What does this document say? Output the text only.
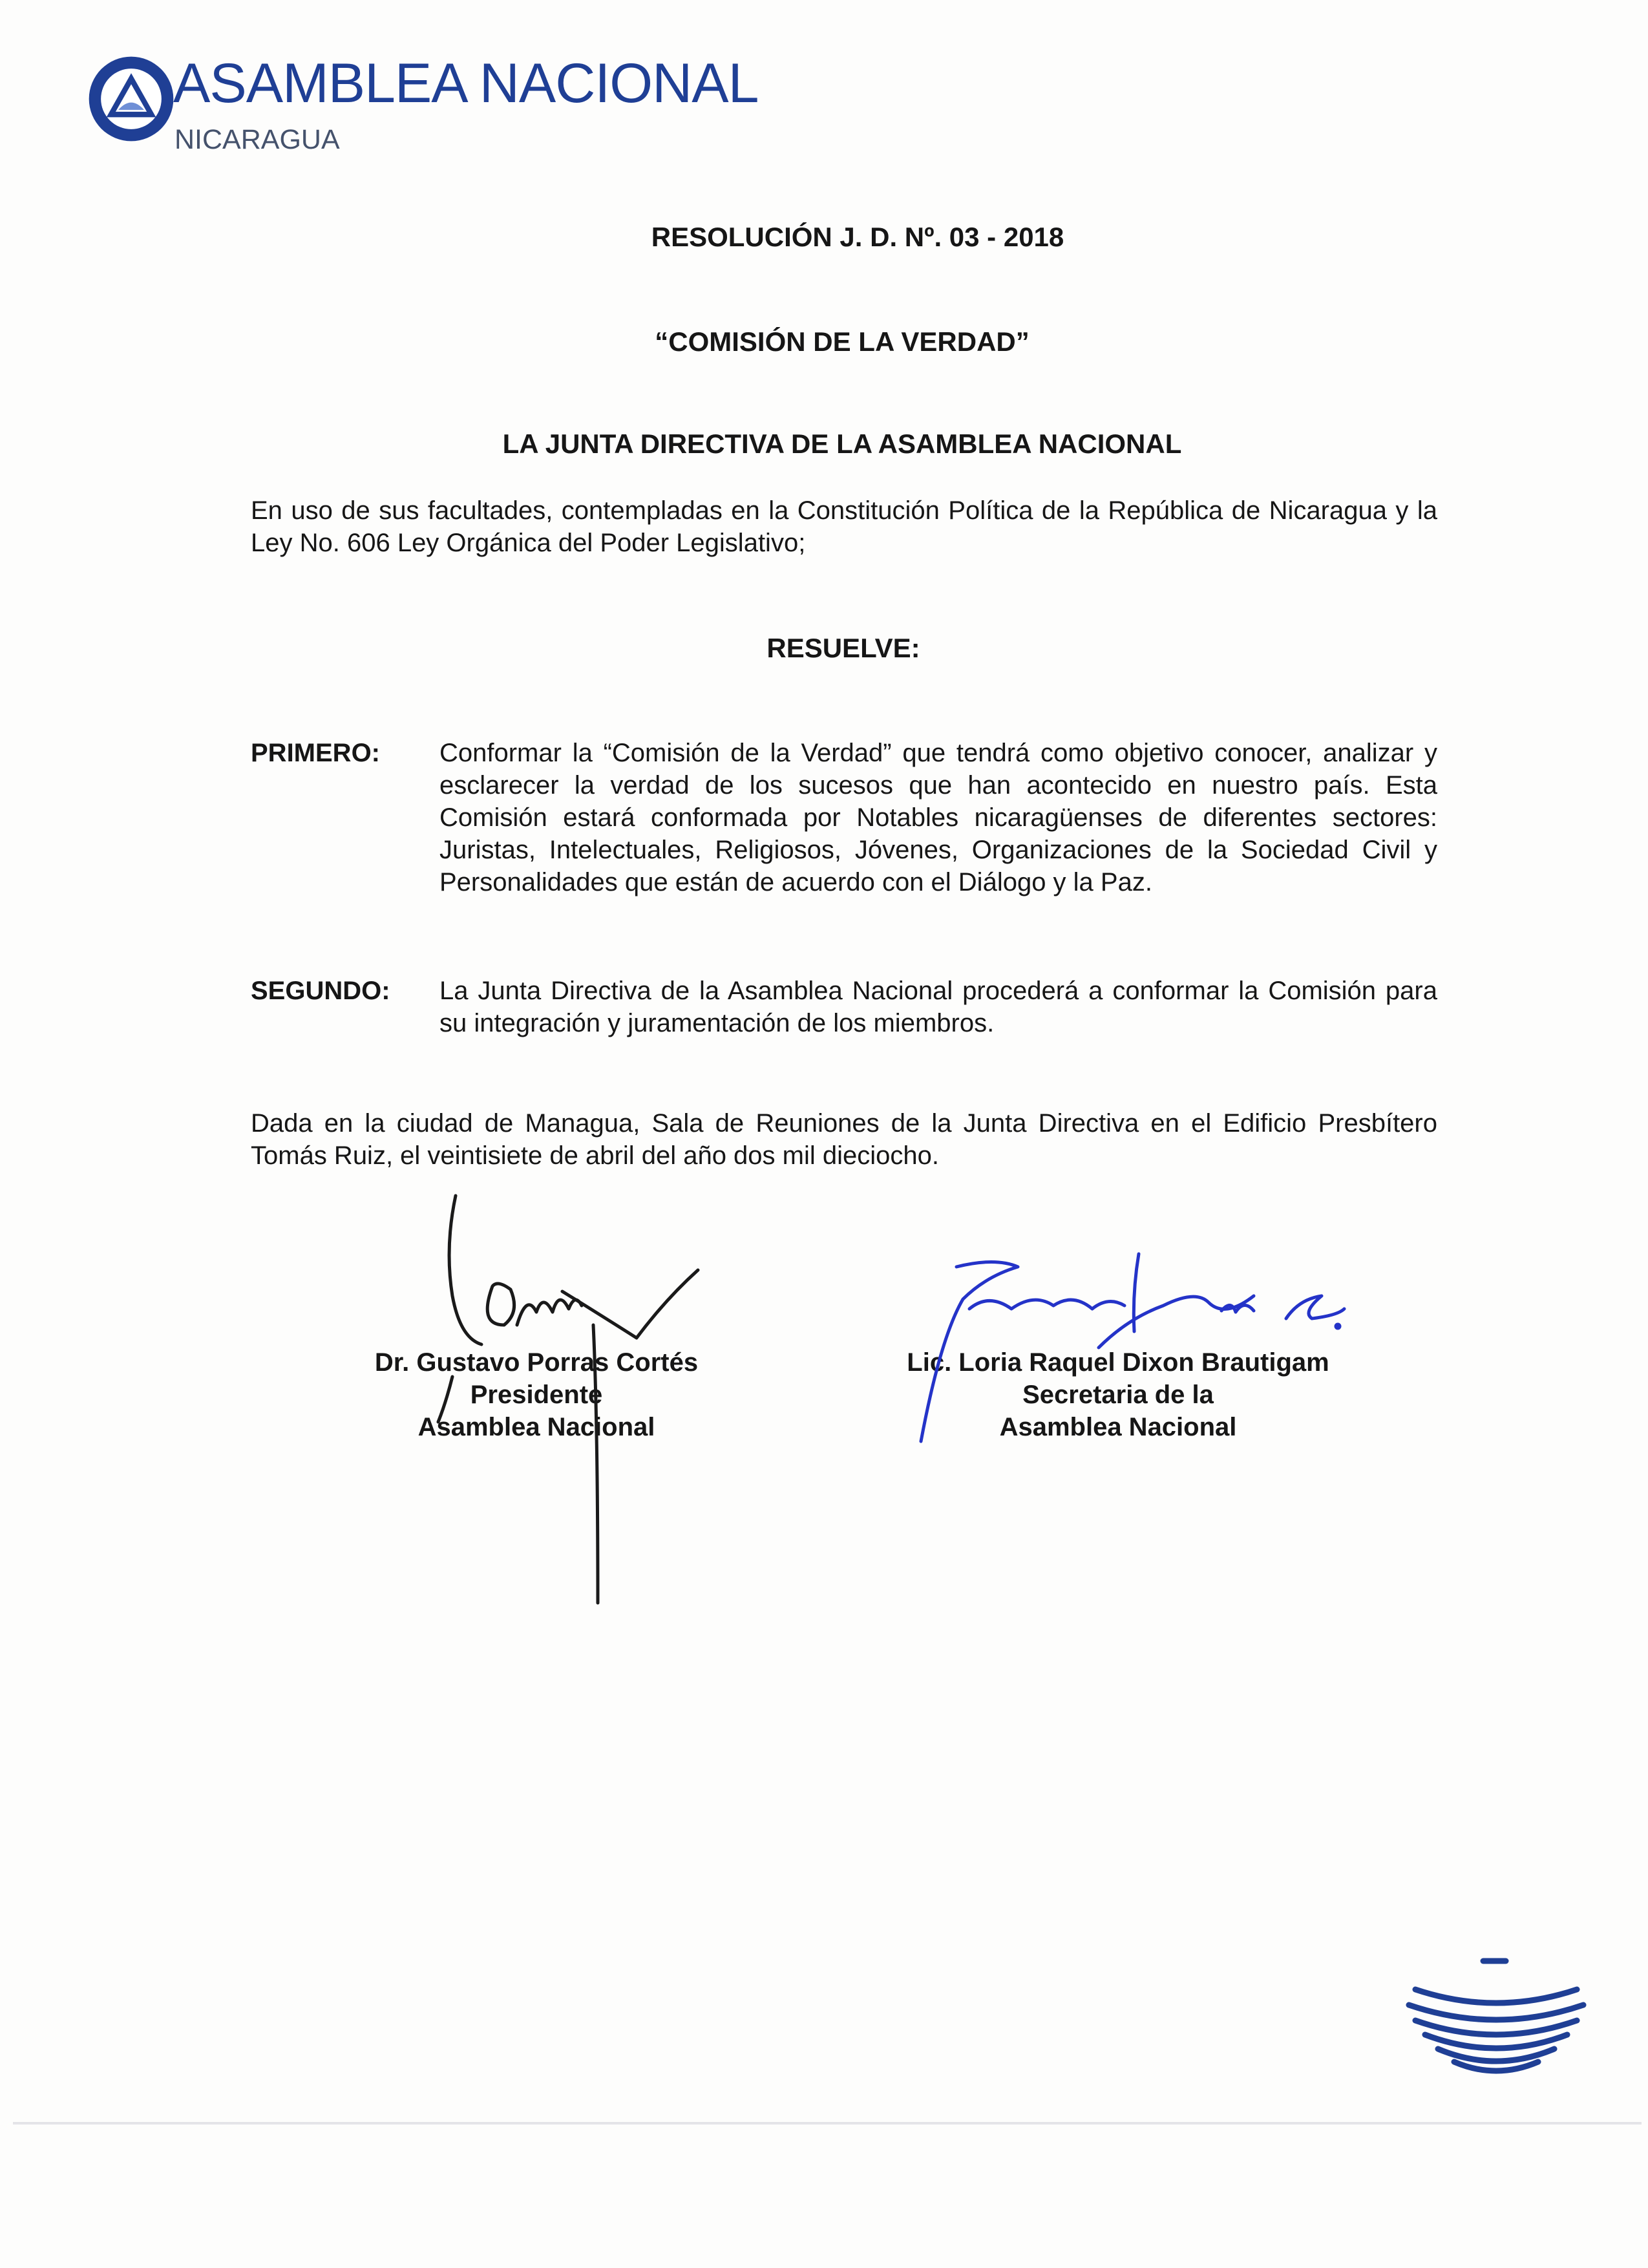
ASAMBLEA NACIONAL
NICARAGUA
RESOLUCIÓN J. D. Nº. 03 - 2018
“COMISIÓN DE LA VERDAD”
LA JUNTA DIRECTIVA DE LA ASAMBLEA NACIONAL
En uso de sus facultades, contempladas en la Constitución Política de la República de Nicaragua y la Ley No. 606 Ley Orgánica del Poder Legislativo;
RESUELVE:
PRIMERO: Conformar la “Comisión de la Verdad” que tendrá como objetivo conocer, analizar y esclarecer la verdad de los sucesos que han acontecido en nuestro país. Esta Comisión estará conformada por Notables nicaragüenses de diferentes sectores: Juristas, Intelectuales, Religiosos, Jóvenes, Organizaciones de la Sociedad Civil y Personalidades que están de acuerdo con el Diálogo y la Paz.
SEGUNDO: La Junta Directiva de la Asamblea Nacional procederá a conformar la Comisión para su integración y juramentación de los miembros.
Dada en la ciudad de Managua, Sala de Reuniones de la Junta Directiva en el Edificio Presbítero Tomás Ruiz, el veintisiete de abril del año dos mil dieciocho.
Dr. Gustavo Porras Cortés
Presidente
Asamblea Nacional
Lic. Loria Raquel Dixon Brautigam
Secretaria de la
Asamblea Nacional
